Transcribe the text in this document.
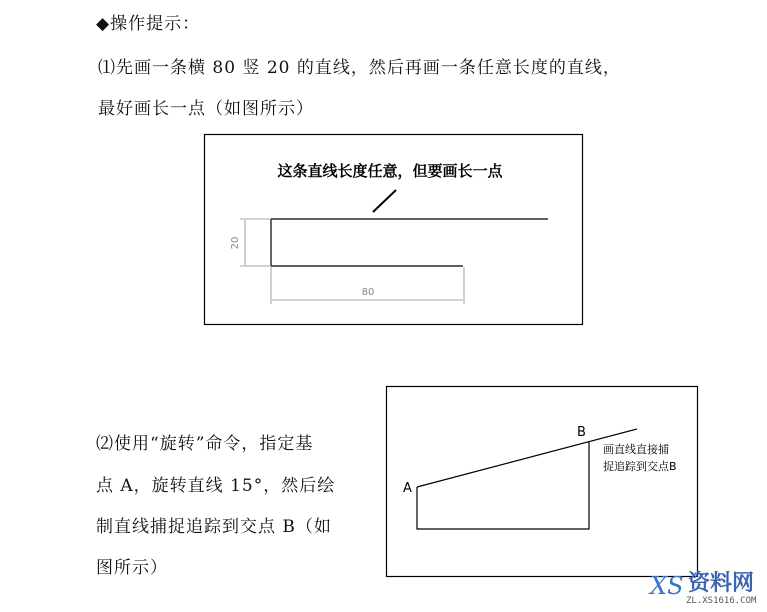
◆操作提示：
⑴先画一条横 80 竖 20 的直线，然后再画一条任意长度的直线，
最好画长一点（如图所示）
这条直线长度任意，但要画长一点
20
80
A
B
画直线直接捕
捉追踪到交点B
⑵使用“旋转”命令，指定基
点 A，旋转直线 15°，然后绘
制直线捕捉追踪到交点 B（如
图所示）
XS 资料网
ZL.XS1616.COM
